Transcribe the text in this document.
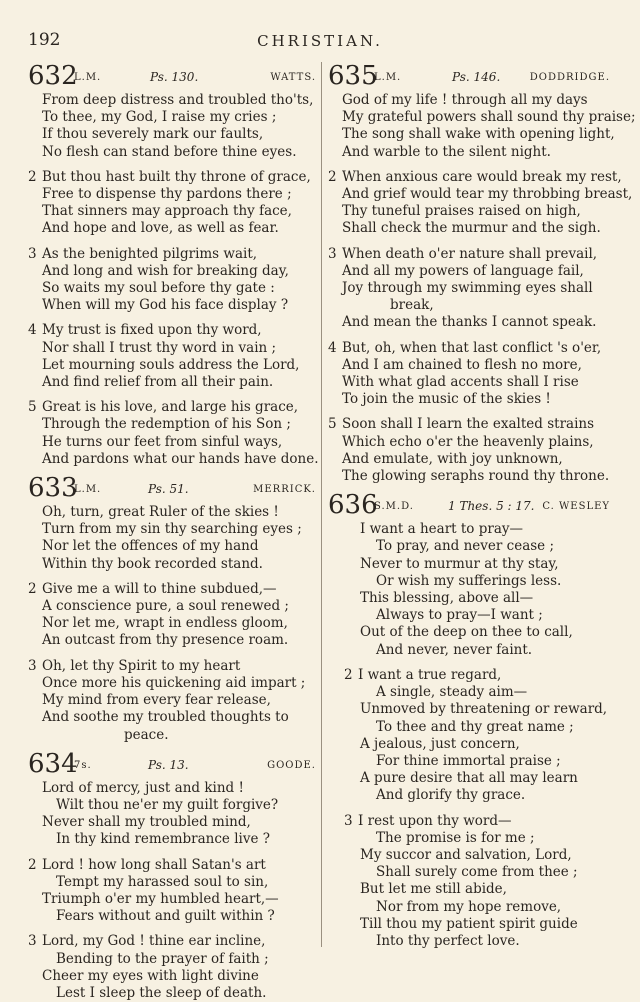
192	CHRISTIAN.
632
L.M.	Ps. 130.	WATTS.
From deep distress and troubled tho'ts,
To thee, my God, I raise my cries ;
If thou severely mark our faults,
No flesh can stand before thine eyes.
2 But thou hast built thy throne of grace,
Free to dispense thy pardons there ;
That sinners may approach thy face,
And hope and love, as well as fear.
3 As the benighted pilgrims wait,
And long and wish for breaking day,
So waits my soul before thy gate :
When will my God his face display ?
4 My trust is fixed upon thy word,
Nor shall I trust thy word in vain ;
Let mourning souls address the Lord,
And find relief from all their pain.
5 Great is his love, and large his grace,
Through the redemption of his Son ;
He turns our feet from sinful ways,
And pardons what our hands have done.
633
L.M.	Ps. 51.	MERRICK.
Oh, turn, great Ruler of the skies !
Turn from my sin thy searching eyes ;
Nor let the offences of my hand
Within thy book recorded stand.
2 Give me a will to thine subdued,—
A conscience pure, a soul renewed ;
Nor let me, wrapt in endless gloom,
An outcast from thy presence roam.
3 Oh, let thy Spirit to my heart
Once more his quickening aid impart ;
My mind from every fear release,
And soothe my troubled thoughts to
peace.
634
7s.	Ps. 13.	GOODE.
Lord of mercy, just and kind !
Wilt thou ne'er my guilt forgive?
Never shall my troubled mind,
In thy kind remembrance live ?
2 Lord ! how long shall Satan's art
Tempt my harassed soul to sin,
Triumph o'er my humbled heart,—
Fears without and guilt within ?
3 Lord, my God ! thine ear incline,
Bending to the prayer of faith ;
Cheer my eyes with light divine
Lest I sleep the sleep of death.
635
L.M.	Ps. 146.	DODDRIDGE.
God of my life ! through all my days
My grateful powers shall sound thy praise;
The song shall wake with opening light,
And warble to the silent night.
2 When anxious care would break my rest,
And grief would tear my throbbing breast,
Thy tuneful praises raised on high,
Shall check the murmur and the sigh.
3 When death o'er nature shall prevail,
And all my powers of language fail,
Joy through my swimming eyes shall
break,
And mean the thanks I cannot speak.
4 But, oh, when that last conflict 's o'er,
And I am chained to flesh no more,
With what glad accents shall I rise
To join the music of the skies !
5 Soon shall I learn the exalted strains
Which echo o'er the heavenly plains,
And emulate, with joy unknown,
The glowing seraphs round thy throne.
636
S.M.D.	1 Thes. 5 : 17. C. WESLEY
I want a heart to pray—
To pray, and never cease ;
Never to murmur at thy stay,
Or wish my sufferings less.
This blessing, above all—
Always to pray—I want ;
Out of the deep on thee to call,
And never, never faint.
2 I want a true regard,
A single, steady aim—
Unmoved by threatening or reward,
To thee and thy great name ;
A jealous, just concern,
For thine immortal praise ;
A pure desire that all may learn
And glorify thy grace.
3 I rest upon thy word—
The promise is for me ;
My succor and salvation, Lord,
Shall surely come from thee ;
But let me still abide,
Nor from my hope remove,
Till thou my patient spirit guide
Into thy perfect love.
